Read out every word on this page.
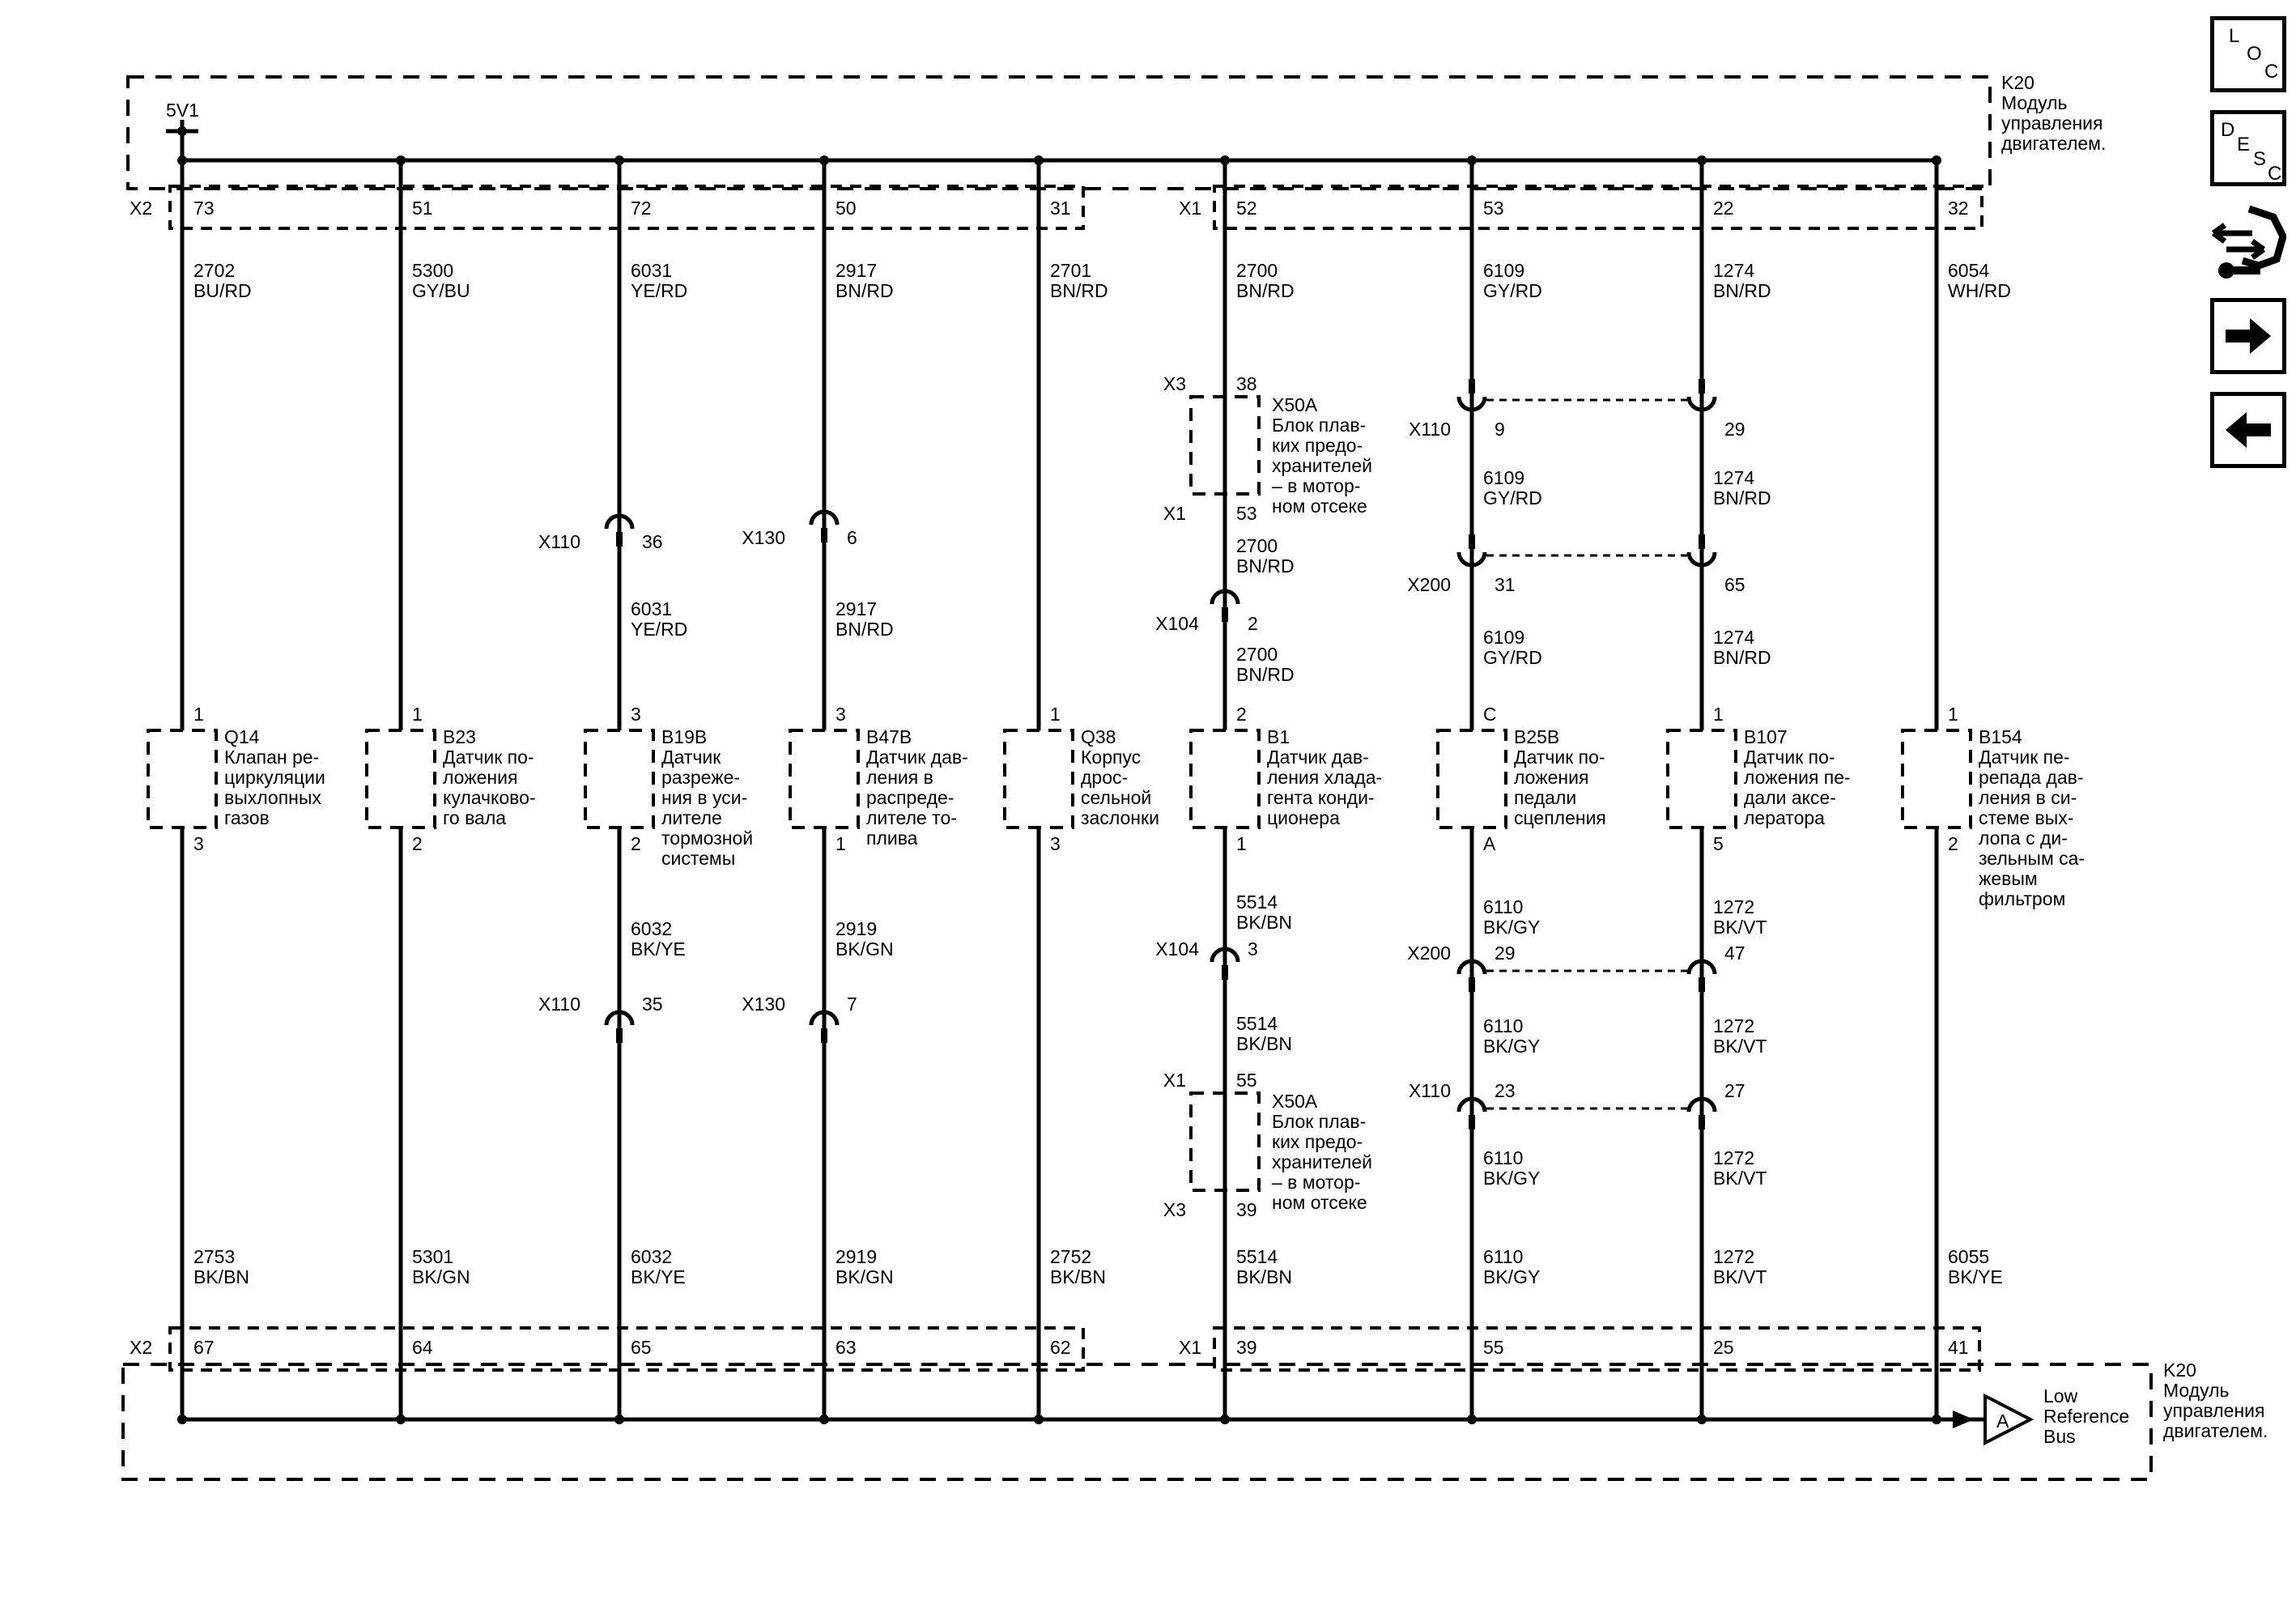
5V1
K20
Модуль
управления
двигателем.
K20
Модуль
управления
двигателем.
X2	X1
X2	X1
A
Low
Reference
Bus
73
67
2702
BU/RD
2753
BK/BN
1
3
Q14
Клапан ре-
циркуляции
выхлопных
газов
51
64
5300
GY/BU
5301
BK/GN
1
2
B23
Датчик по-
ложения
кулачково-
го вала
72
65
6031
YE/RD
6032
BK/YE
3
2
B19B
Датчик
разреже-
ния в уси-
лителе
тормозной
системы
X110	36
6031
YE/RD
X110	35
6032
BK/YE
50
63
2917
BN/RD
2919
BK/GN
3
1
B47B
Датчик дав-
ления в
распреде-
лителе то-
плива
X130	6
2917
BN/RD
X130	7
2919
BK/GN
31
62
2701
BN/RD
2752
BK/BN
1
3
Q38
Корпус
дрос-
сельной
заслонки
52
39
2700
BN/RD
5514
BK/BN
2
1
B1
Датчик дав-
ления хлада-
гента конди-
ционера
53
55
6109
GY/RD
6110
BK/GY
C
A
B25B
Датчик по-
ложения
педали
сцепления
22
25
1274
BN/RD
1272
BK/VT
1
5
B107
Датчик по-
ложения пе-
дали аксе-
лератора
32
41
6054
WH/RD
6055
BK/YE
1
2
B154
Датчик пе-
репада дав-
ления в си-
стеме вых-
лопа с ди-
зельным са-
жевым
фильтром
X3	38
X1	53
X50A
Блок плав-
ких предо-
хранителей
– в мотор-
ном отсеке
X1	55
X3	39
X50A
Блок плав-
ких предо-
хранителей
– в мотор-
ном отсеке
2700
BN/RD
X104	2
2700
BN/RD
X104	3
5514
BK/BN
5514
BK/BN
X110 9	29
6109
GY/RD
1274
BN/RD
X200 31	65
6109
GY/RD
1274
BN/RD
X200 29	47
6110
BK/GY
1272
BK/VT
X110 23	27
6110
BK/GY
1272
BK/VT
6110
BK/GY
1272
BK/VT
L
O
C
D
E
S
C
